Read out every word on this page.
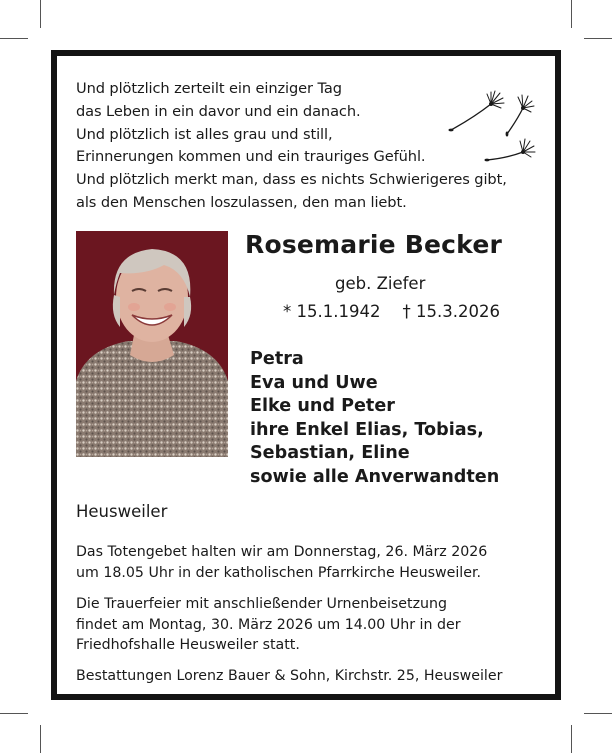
Und plötzlich zerteilt ein einziger Tag
das Leben in ein davor und ein danach.
Und plötzlich ist alles grau und still,
Erinnerungen kommen und ein trauriges Gefühl.
Und plötzlich merkt man, dass es nichts Schwierigeres gibt,
als den Menschen loszulassen, den man liebt.
Rosemarie Becker
geb. Ziefer
* 15.1.1942 † 15.3.2026
Petra
Eva und Uwe
Elke und Peter
ihre Enkel Elias, Tobias,
Sebastian, Eline
sowie alle Anverwandten
Heusweiler
Das Totengebet halten wir am Donnerstag, 26. März 2026
um 18.05 Uhr in der katholischen Pfarrkirche Heusweiler.
Die Trauerfeier mit anschließender Urnenbeisetzung
findet am Montag, 30. März 2026 um 14.00 Uhr in der
Friedhofshalle Heusweiler statt.
Bestattungen Lorenz Bauer & Sohn, Kirchstr. 25, Heusweiler
